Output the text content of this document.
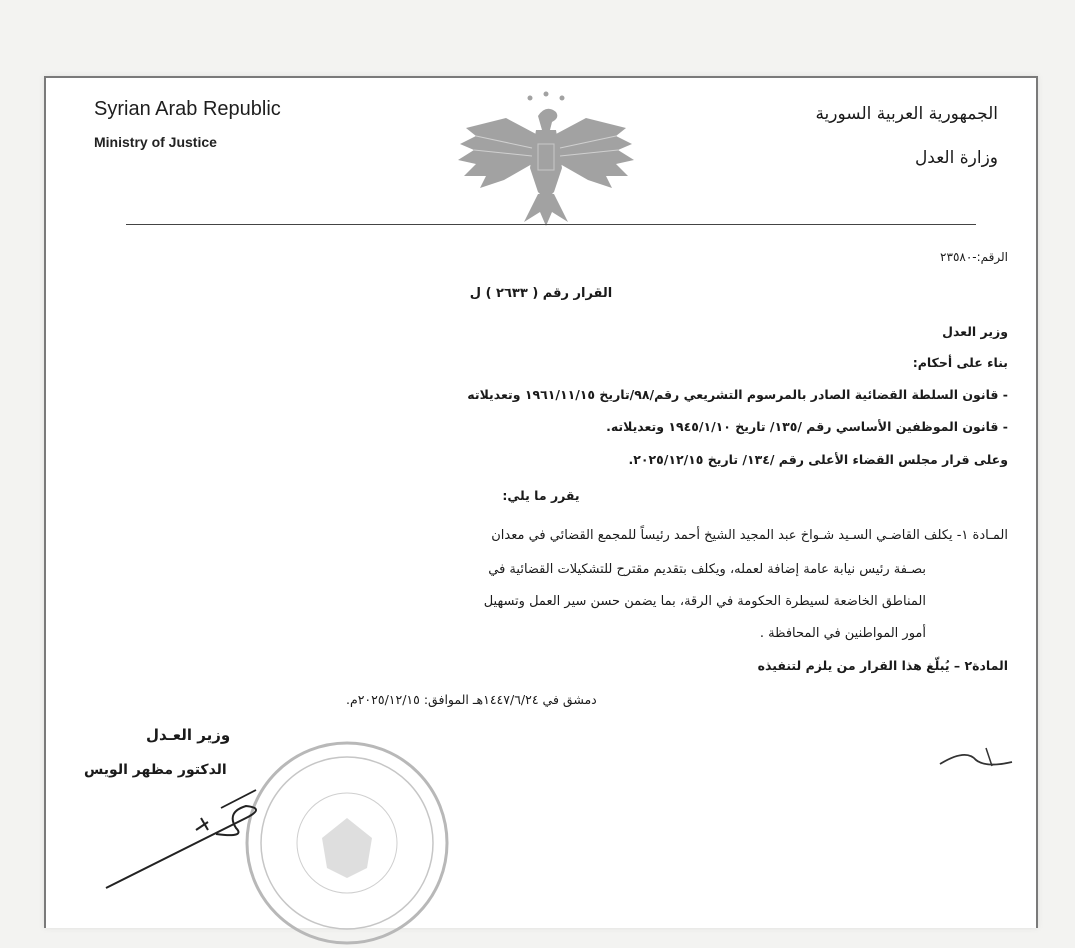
Syrian Arab Republic
Ministry of Justice
الجمهورية العربية السورية
وزارة العدل
الرقم:-٢٣٥٨٠
القرار رقم ( ٢٦٣٣ ) ل
وزير العدل
بناء على أحكام:
- قانون السلطة القضائية الصادر بالمرسوم التشريعي رقم/٩٨/تاريخ ١٩٦١/١١/١٥ وتعديلاته
- قانون الموظفين الأساسي رقم /١٣٥/ تاريخ ١٩٤٥/١/١٠ وتعديلاته.
وعلى قرار مجلس القضاء الأعلى رقم /١٣٤/ تاريخ ٢٠٢٥/١٢/١٥.
يقرر ما يلي:
المـادة ١- يكلف القاضـي السـيد شـواخ عبد المجيد الشيخ أحمد رئيساً للمجمع القضائي في معدان
بصـفة رئيس نيابة عامة إضافة لعمله، ويكلف بتقديم مقترح للتشكيلات القضائية في
المناطق الخاضعة لسيطرة الحكومة في الرقة، بما يضمن حسن سير العمل وتسهيل
أمور المواطنين في المحافظة .
المادة٢ – يُبلّغ هذا القرار من يلزم لتنفيذه
دمشق في ١٤٤٧/٦/٢٤هـ الموافق: ٢٠٢٥/١٢/١٥م.
وزير العـدل
الدكتور مظهر الويس
